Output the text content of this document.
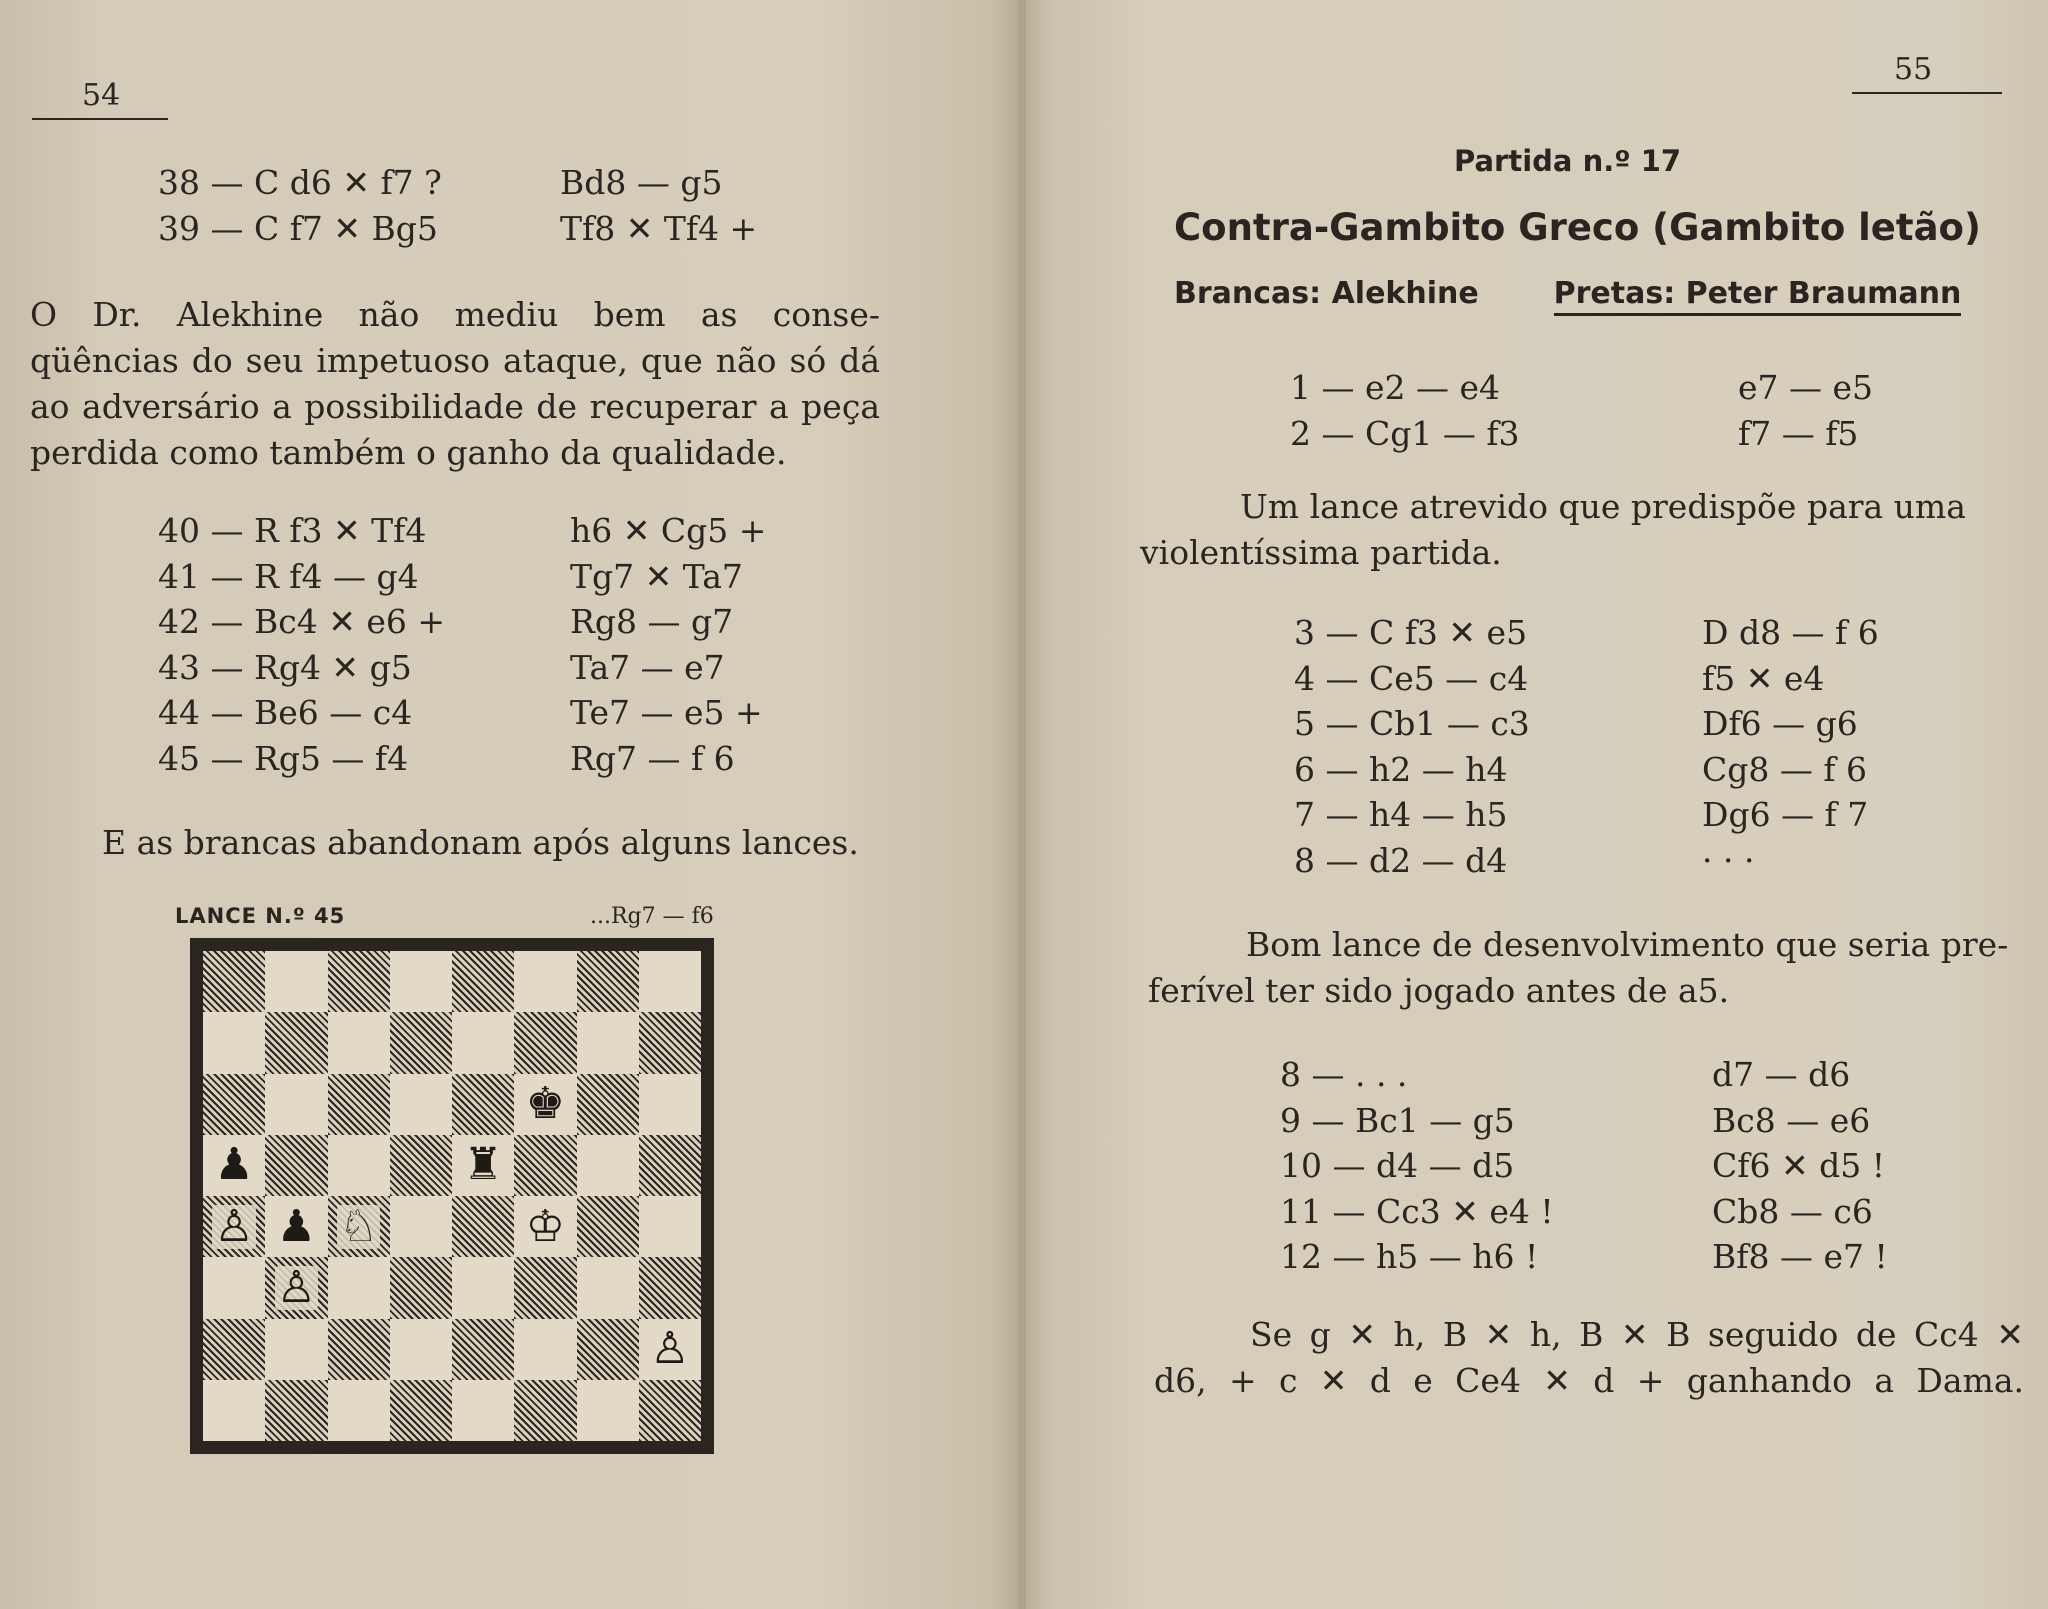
54
38 — C d6 ✕ f7 ?	Bd8 — g5
39 — C f7 ✕ Bg5	Tf8 ✕ Tf4 +
O Dr. Alekhine não mediu bem as conse-
qüências do seu impetuoso ataque, que não só dá
ao adversário a possibilidade de recuperar a peça
perdida como também o ganho da qualidade.
40 — R f3 ✕ Tf4	h6 ✕ Cg5 +
41 — R f4 — g4	Tg7 ✕ Ta7
42 — Bc4 ✕ e6 +	Rg8 — g7
43 — Rg4 ✕ g5	Ta7 — e7
44 — Be6 — c4	Te7 — e5 +
45 — Rg5 — f4	Rg7 — f 6
E as brancas abandonam após alguns lances.
LANCE N.º 45	...Rg7 — f6
♚
♟	♜
♙ ♟ ♘	♔
♙
♙
55
Partida n.º 17
Contra-Gambito Greco (Gambito letão)
Brancas: Alekhine Pretas: Peter Braumann
1 — e2 — e4	e7 — e5
2 — Cg1 — f3	f7 — f5
Um lance atrevido que predispõe para uma
violentíssima partida.
3 — C f3 ✕ e5	D d8 — f 6
4 — Ce5 — c4	f5 ✕ e4
5 — Cb1 — c3	Df6 — g6
6 — h2 — h4	Cg8 — f 6
7 — h4 — h5	Dg6 — f 7
8 — d2 — d4	· · ·
Bom lance de desenvolvimento que seria pre-
ferível ter sido jogado antes de a5.
8 — . . .	d7 — d6
9 — Bc1 — g5	Bc8 — e6
10 — d4 — d5	Cf6 ✕ d5 !
11 — Cc3 ✕ e4 !	Cb8 — c6
12 — h5 — h6 !	Bf8 — e7 !
Se g ✕ h, B ✕ h, B ✕ B seguido de Cc4 ✕
d6, + c ✕ d e Ce4 ✕ d + ganhando a Dama.
